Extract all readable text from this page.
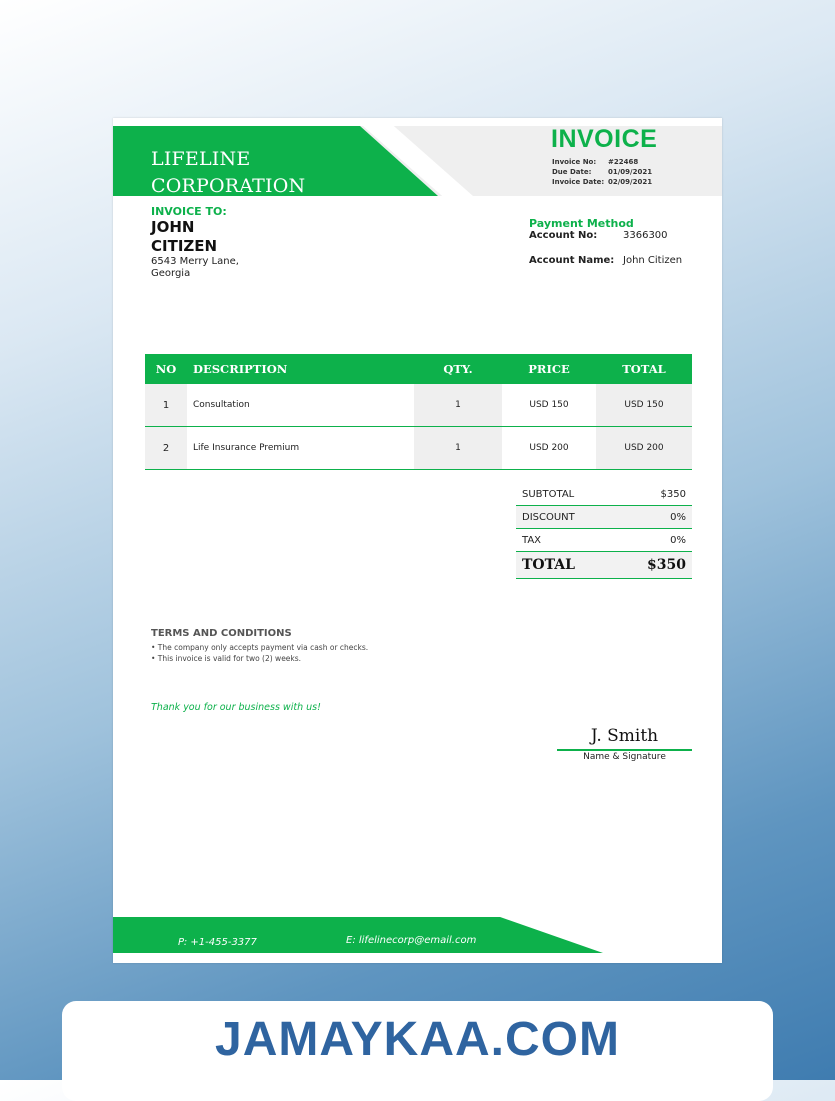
LIFELINE
CORPORATION
INVOICE
Invoice No:	#22468
Due Date:	01/09/2021
Invoice Date: 02/09/2021
INVOICE TO:
JOHN
CITIZEN
6543 Merry Lane,
Georgia
Payment Method
Account No:	3366300
Account Name: John Citizen
NO	DESCRIPTION	QTY.	PRICE	TOTAL
1	Consultation	1	USD 150	USD 150
2	Life Insurance Premium	1	USD 200	USD 200
SUBTOTAL	$350
DISCOUNT	0%
TAX	0%
TOTAL	$350
TERMS AND CONDITIONS
• The company only accepts payment via cash or checks.
• This invoice is valid for two (2) weeks.
Thank you for our business with us!
J. Smith
Name & Signature
P: +1-455-3377	E: lifelinecorp@email.com
JAMAYKAA.COM
